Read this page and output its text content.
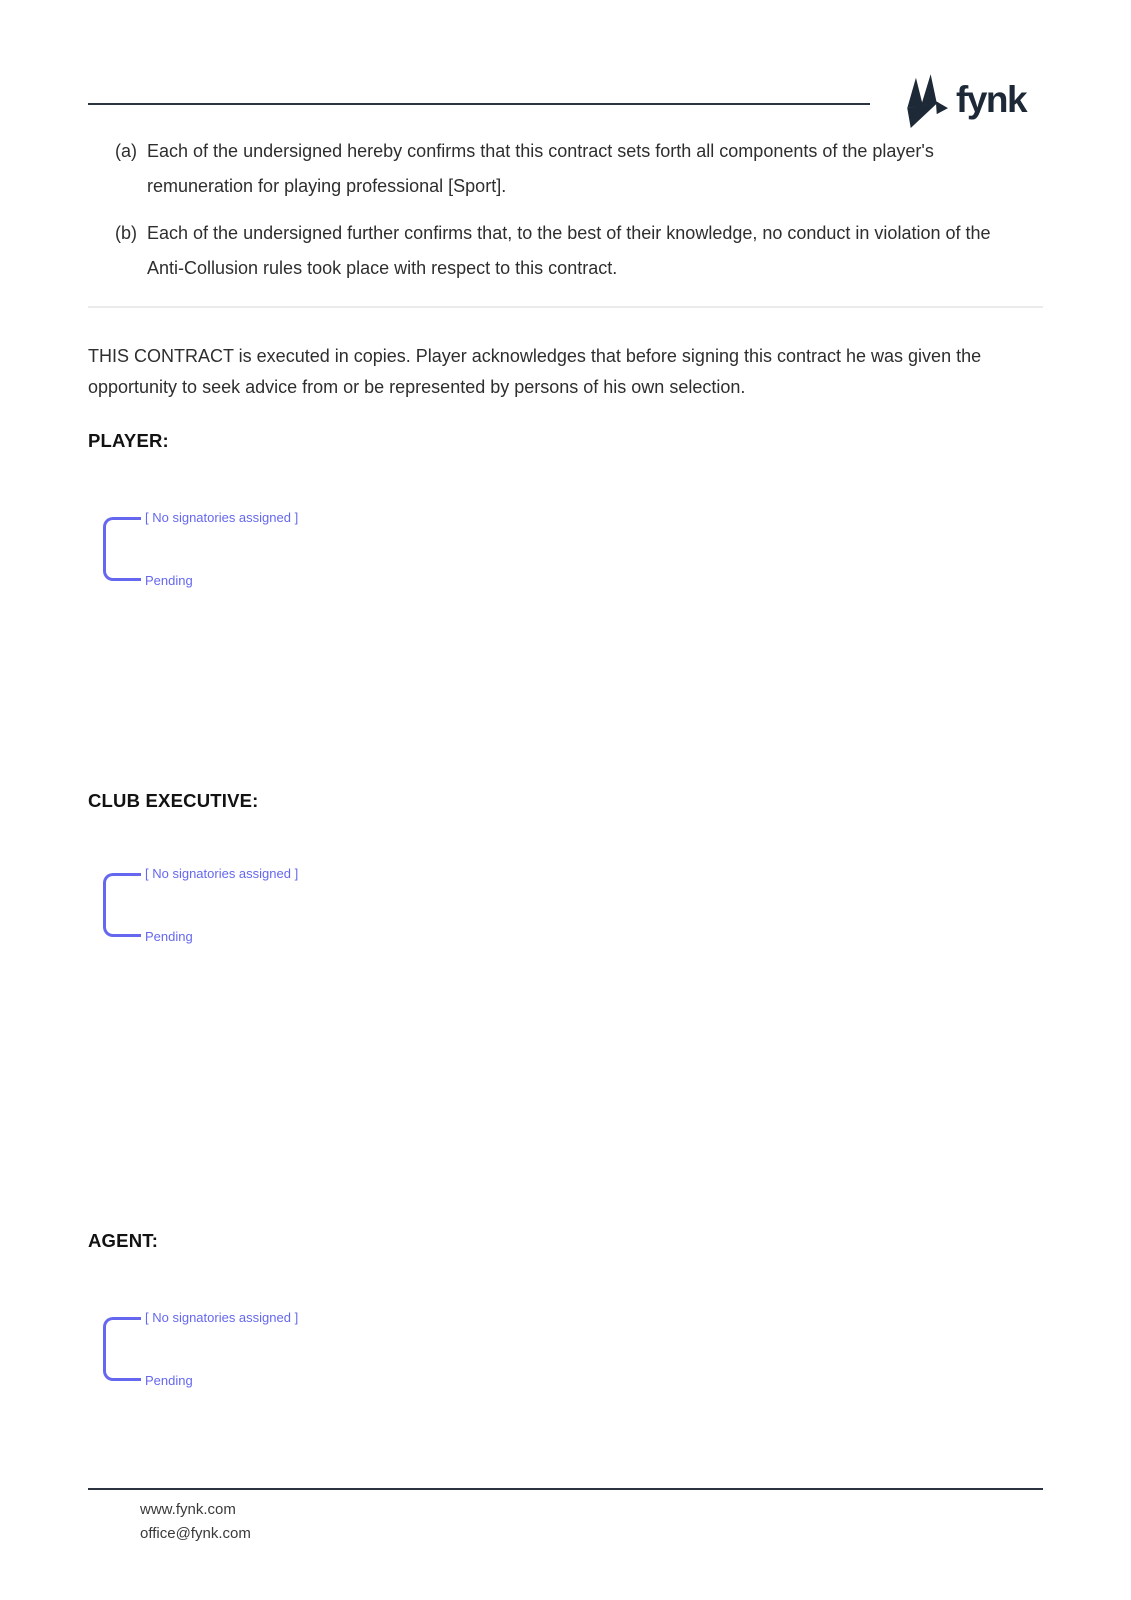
fynk
(a) Each of the undersigned hereby confirms that this contract sets forth all components of the player's remuneration for playing professional [Sport].
(b) Each of the undersigned further confirms that, to the best of their knowledge, no conduct in violation of the Anti-Collusion rules took place with respect to this contract.

THIS CONTRACT is executed in copies. Player acknowledges that before signing this contract he was given the opportunity to seek advice from or be represented by persons of his own selection.

PLAYER:
[ No signatories assigned ]
Pending
CLUB EXECUTIVE:
[ No signatories assigned ]
Pending
AGENT:
[ No signatories assigned ]
Pending
www.fynk.com
office@fynk.com
